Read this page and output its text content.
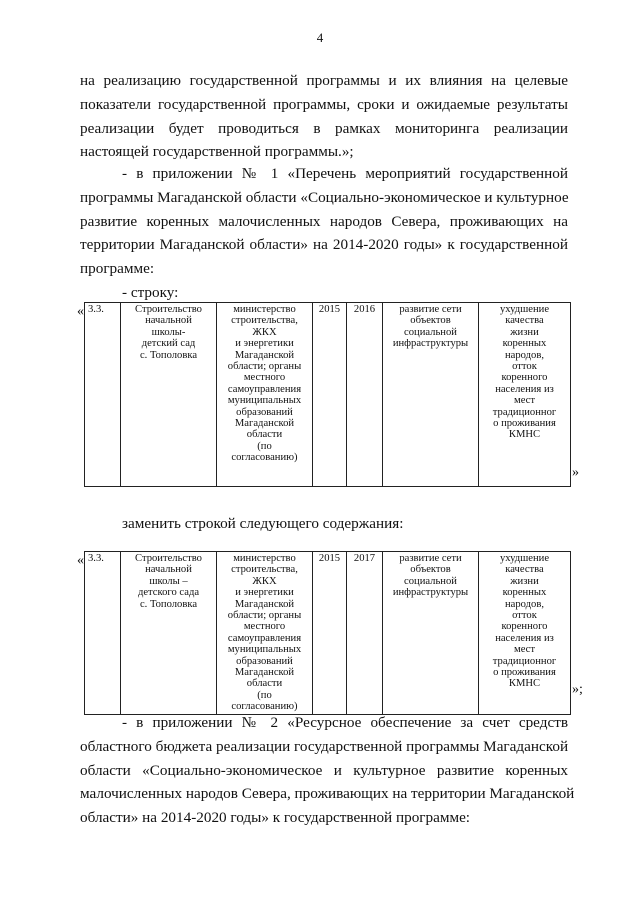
4
на реализацию государственной программы и их влияния на целевые
показатели государственной программы, сроки и ожидаемые результаты
реализации будет проводиться в рамках мониторинга реализации
настоящей государственной программы.»;
- в приложении № 1 «Перечень мероприятий государственной
программы Магаданской области «Социально-экономическое и культурное
развитие коренных малочисленных народов Севера, проживающих на
территории Магаданской области» на 2014-2020 годы» к государственной
программе:
- строку:
« 3.3.	Строительство
начальной
школы-
детский сад
с. Тополовка

министерство
строительства,
ЖКХ
и энергетики
Магаданской
области; органы
местного
самоуправления
муниципальных
образований
Магаданской
области
(по
согласованию)
	2015	2016	развитие сети
объектов
социальной
инфраструктуры

ухудшение
качества
жизни
коренных
народов,
отток
коренного
населения из
мест
традиционног
о проживания
КМНС
»
заменить строкой следующего содержания:
« 3.3.	Строительство
начальной
школы –
детского сада
с. Тополовка

министерство
строительства,
ЖКХ
и энергетики
Магаданской
области; органы
местного
самоуправления
муниципальных
образований
Магаданской
области
(по
согласованию)
	2015	2017	развитие сети
объектов
социальной
инфраструктуры

ухудшение
качества
жизни
коренных
народов,
отток
коренного
населения из
мест
традиционног
о проживания
КМНС	»;
- в приложении № 2 «Ресурсное обеспечение за счет средств
областного бюджета реализации государственной программы Магаданской
области «Социально-экономическое и культурное развитие коренных
малочисленных народов Севера, проживающих на территории Магаданской
области» на 2014-2020 годы» к государственной программе:
